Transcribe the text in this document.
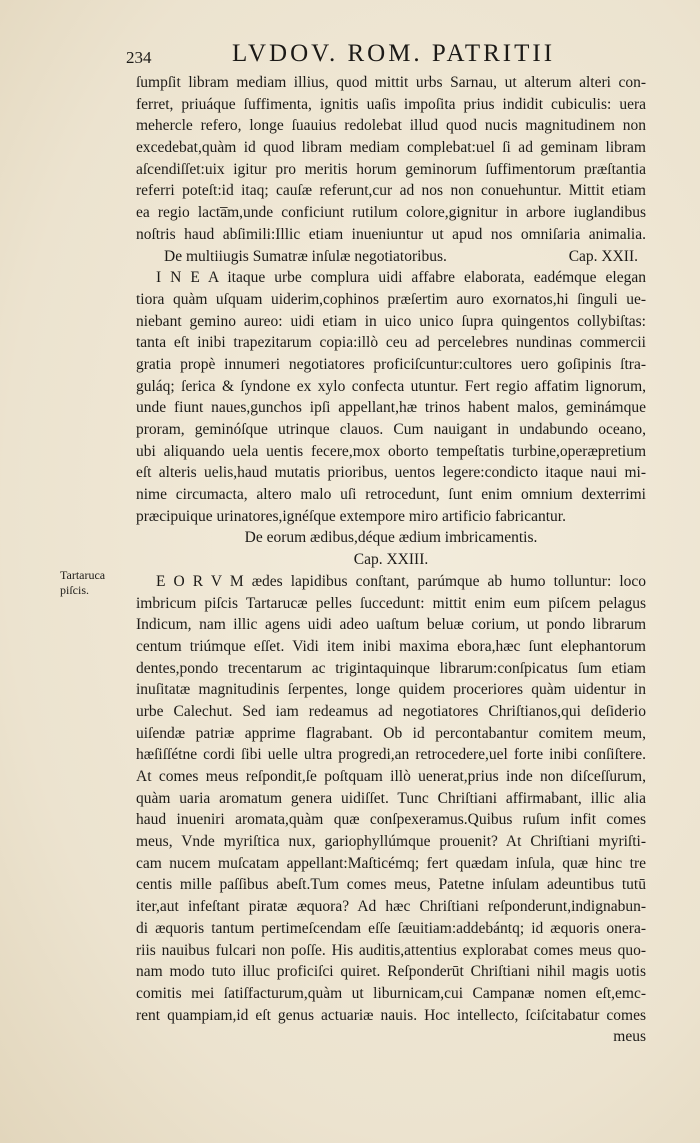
234	LVDOV. ROM. PATRITII
Tartaruca
piſcis.
ſumpſit libram mediam illius, quod mittit urbs Sarnau, ut alterum alteri con-
ferret, priuáque ſuffimenta, ignitis uaſis impoſita prius indidit cubiculis: uera
mehercle refero, longe ſuauius redolebat illud quod nucis magnitudinem non
excedebat,quàm id quod libram mediam complebat:uel ſi ad geminam libram
aſcendiſſet:uix igitur pro meritis horum geminorum ſuffimentorum præſtantia
referri poteſt:id itaq; cauſæ referunt,cur ad nos non conuehuntur. Mittit etiam
ea regio lacta̅m,unde conficiunt rutilum colore,gignitur in arbore iuglandibus
noſtris haud abſimili:Illic etiam inueniuntur ut apud nos omniſaria animalia.
De multiiugis Sumatræ inſulæ negotiatoribus.	Cap. XXII.
I N E A itaque urbe complura uidi affabre elaborata, eadémque elegan
tiora quàm uſquam uiderim,cophinos præſertim auro exornatos,hi ſinguli ue-
niebant gemino aureo: uidi etiam in uico unico ſupra quingentos collybiſtas:
tanta eſt inibi trapezitarum copia:illò ceu ad percelebres nundinas commercii
gratia propè innumeri negotiatores proficiſcuntur:cultores uero goſipinis ſtra-
guláq; ſerica & ſyndone ex xylo confecta utuntur. Fert regio affatim lignorum,
unde fiunt naues,gunchos ipſi appellant,hæ trinos habent malos, geminámque
proram, geminóſque utrinque clauos. Cum nauigant in undabundo oceano,
ubi aliquando uela uentis fecere,mox oborto tempeſtatis turbine,operæpretium
eſt alteris uelis,haud mutatis prioribus, uentos legere:condicto itaque naui mi-
nime circumacta, altero malo uſi retrocedunt, ſunt enim omnium dexterrimi
præcipuique urinatores,ignéſque extempore miro artificio fabricantur.
De eorum ædibus,déque ædium imbricamentis.
Cap. XXIII.
E O R V M ædes lapidibus conſtant, parúmque ab humo tolluntur: loco
imbricum piſcis Tartarucæ pelles ſuccedunt: mittit enim eum piſcem pelagus
Indicum, nam illic agens uidi adeo uaſtum beluæ corium, ut pondo librarum
centum triúmque eſſet. Vidi item inibi maxima ebora,hæc ſunt elephantorum
dentes,pondo trecentarum ac trigintaquinque librarum:conſpicatus ſum etiam
inuſitatæ magnitudinis ſerpentes, longe quidem proceriores quàm uidentur in
urbe Calechut. Sed iam redeamus ad negotiatores Chriſtianos,qui deſiderio
uiſendæ patriæ apprime flagrabant. Ob id percontabantur comitem meum,
hæſiſſétne cordi ſibi uelle ultra progredi,an retrocedere,uel forte inibi conſiſtere.
At comes meus reſpondit,ſe poſtquam illò uenerat,prius inde non diſceſſurum,
quàm uaria aromatum genera uidiſſet. Tunc Chriſtiani affirmabant, illic alia
haud inueniri aromata,quàm quæ conſpexeramus.Quibus ruſum infit comes
meus, Vnde myriſtica nux, gariophyllúmque prouenit? At Chriſtiani myriſti-
cam nucem muſcatam appellant:Maſticémq; fert quædam inſula, quæ hinc tre
centis mille paſſibus abeſt.Tum comes meus, Patetne inſulam adeuntibus tutū
iter,aut infeſtant piratæ æquora? Ad hæc Chriſtiani reſponderunt,indignabun-
di æquoris tantum pertimeſcendam eſſe ſæuitiam:addebántq; id æquoris onera-
riis nauibus fulcari non poſſe. His auditis,attentius explorabat comes meus quo-
nam modo tuto illuc proficiſci quiret. Reſponderūt Chriſtiani nihil magis uotis
comitis mei ſatiſfacturum,quàm ut liburnicam,cui Campanæ nomen eſt,emc-
rent quampiam,id eſt genus actuariæ nauis. Hoc intellecto, ſciſcitabatur comes
meus
